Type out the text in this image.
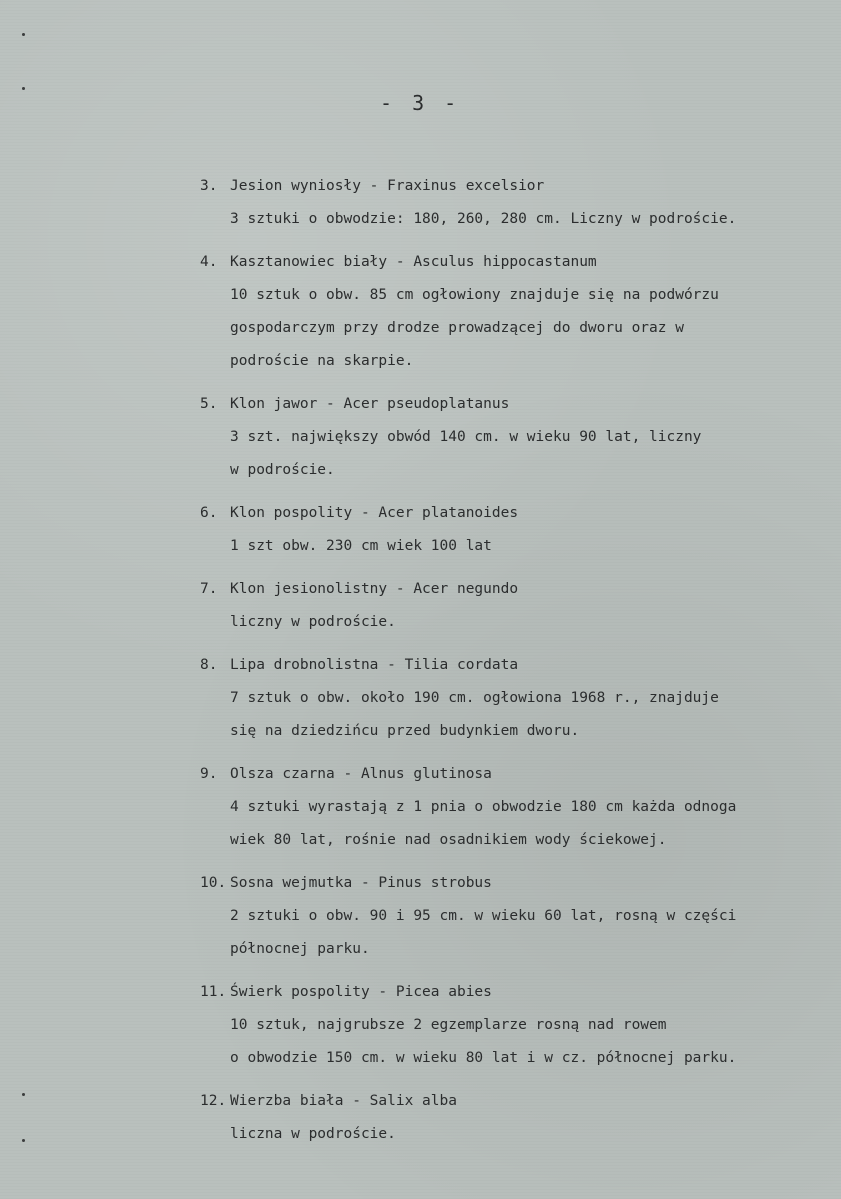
- 3 -
3. Jesion wyniosły - Fraxinus excelsior
3 sztuki o obwodzie: 180, 260, 280 cm. Liczny w podroście.
4. Kasztanowiec biały - Asculus hippocastanum
10 sztuk o obw. 85 cm ogłowiony znajduje się na podwórzu
gospodarczym przy drodze prowadzącej do dworu oraz w
podroście na skarpie.
5. Klon jawor - Acer pseudoplatanus
3 szt. największy obwód 140 cm. w wieku 90 lat, liczny
w podroście.
6. Klon pospolity - Acer platanoides
1 szt obw. 230 cm wiek 100 lat
7. Klon jesionolistny - Acer negundo
liczny w podroście.
8. Lipa drobnolistna - Tilia cordata
7 sztuk o obw. około 190 cm. ogłowiona 1968 r., znajduje
się na dziedzińcu przed budynkiem dworu.
9. Olsza czarna - Alnus glutinosa
4 sztuki wyrastają z 1 pnia o obwodzie 180 cm każda odnoga
wiek 80 lat, rośnie nad osadnikiem wody ściekowej.
10. Sosna wejmutka - Pinus strobus
2 sztuki o obw. 90 i 95 cm. w wieku 60 lat, rosną w części
północnej parku.
11. Świerk pospolity - Picea abies
10 sztuk, najgrubsze 2 egzemplarze rosną nad rowem
o obwodzie 150 cm. w wieku 80 lat i w cz. północnej parku.
12. Wierzba biała - Salix alba
liczna w podroście.
